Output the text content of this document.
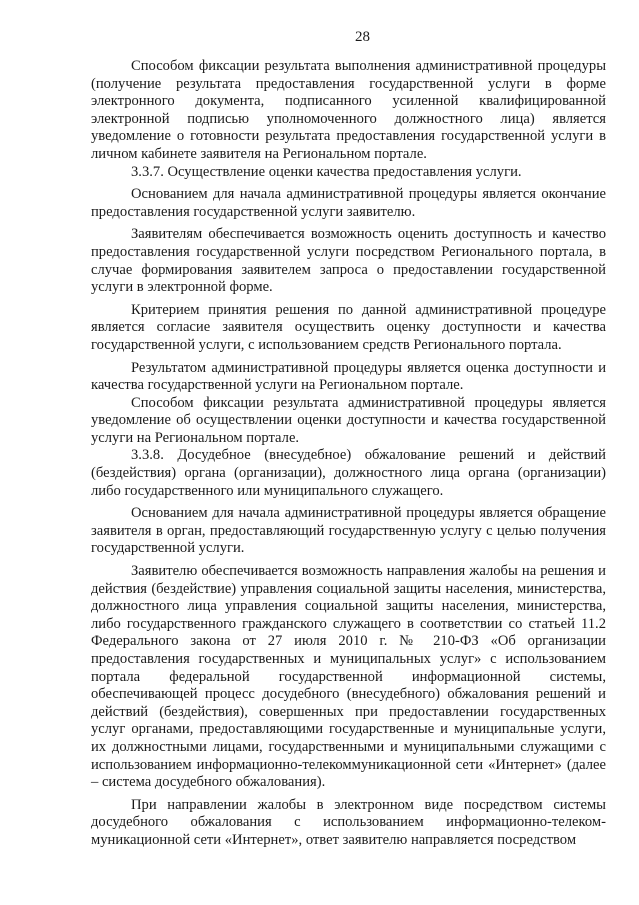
28

Способом фиксации результата выполнения административной процедуры (получение результата предоставления государственной услуги в форме электронного документа, подписанного усиленной квалифицированной электронной подписью уполномоченного должностного лица) является уведомление о готовности результата предоставления государственной услуги в личном кабинете заявителя на Региональном портале.

3.3.7. Осуществление оценки качества предоставления услуги.

Основанием для начала административной процедуры является окончание предоставления государственной услуги заявителю.

Заявителям обеспечивается возможность оценить доступность и качество предоставления государственной услуги посредством Регионального портала, в случае формирования заявителем запроса о предоставлении государственной услуги в электронной форме.

Критерием принятия решения по данной административной процедуре является согласие заявителя осуществить оценку доступности и качества государственной услуги, с использованием средств Регионального портала.

Результатом административной процедуры является оценка доступности и качества государственной услуги на Региональном портале.

Способом фиксации результата административной процедуры является уведомление об осуществлении оценки доступности и качества государственной услуги на Региональном портале.

3.3.8. Досудебное (внесудебное) обжалование решений и действий (бездействия) органа (организации), должностного лица органа (организации) либо государственного или муниципального служащего.

Основанием для начала административной процедуры является обращение заявителя в орган, предоставляющий государственную услугу с целью получения государственной услуги.

Заявителю обеспечивается возможность направления жалобы на решения и действия (бездействие) управления социальной защиты населения, министерства, должностного лица управления социальной защиты населения, министерства, либо государственного гражданского служащего в соответствии со статьей 11.2 Федерального закона от 27 июля 2010 г. № 210-ФЗ «Об организации предоставления государственных и муниципальных услуг» с использованием портала федеральной государственной информационной системы, обеспечивающей процесс досудебного (внесудебного) обжалования решений и действий (бездействия), совершенных при предоставлении государственных услуг органами, предоставляющими государственные и муниципальные услуги, их должностными лицами, государственными и муниципальными служащими с использованием информационно-телекоммуникационной сети «Интернет» (далее – система досудебного обжалования).

При направлении жалобы в электронном виде посредством системы досудебного обжалования с использованием информационно-телеком-муникационной сети «Интернет», ответ заявителю направляется посредством
